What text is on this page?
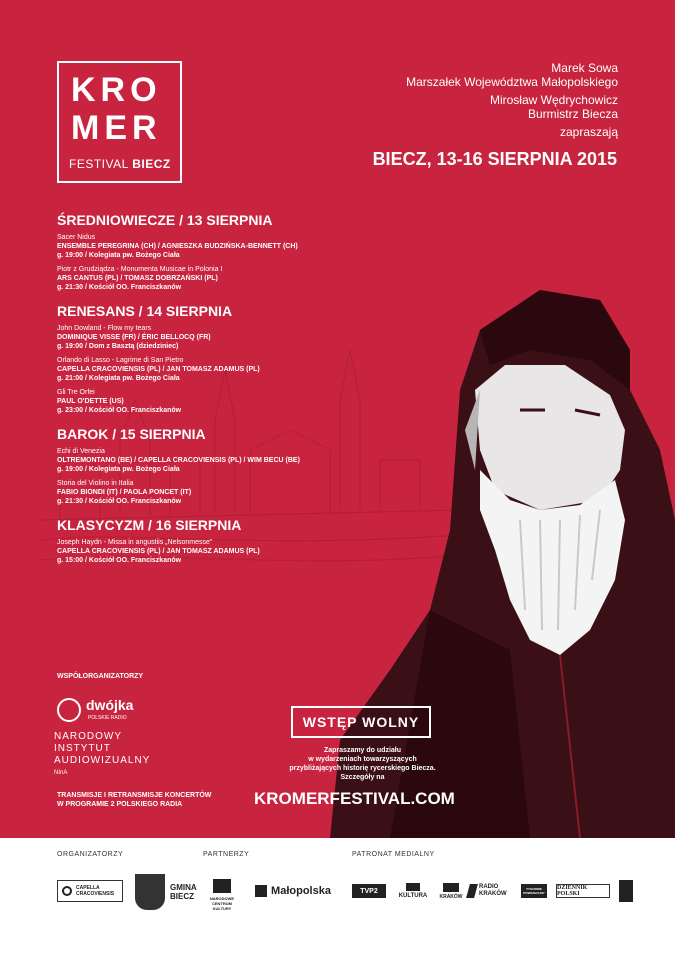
KRO
MER
FESTIVAL BIECZ
Marek Sowa
Marszałek Województwa Małopolskiego
Mirosław Wędrychowicz
Burmistrz Biecza
zapraszają
BIECZ, 13-16 SIERPNIA 2015
ŚREDNIOWIECZE / 13 SIERPNIA
Sacer Nidus
ENSEMBLE PEREGRINA (CH) / AGNIESZKA BUDZIŃSKA-BENNETT (CH)
g. 19:00 / Kolegiata pw. Bożego Ciała
Piotr z Grudziądza - Monumenta Musicae in Polonia I
ARS CANTUS (PL) / TOMASZ DOBRZAŃSKI (PL)
g. 21:30 / Kościół OO. Franciszkanów
RENESANS / 14 SIERPNIA
John Dowland - Flow my tears
DOMINIQUE VISSE (FR) / ÉRIC BELLOCQ (FR)
g. 19:00 / Dom z Basztą (dziedziniec)
Orlando di Lasso - Lagrime di San Pietro
CAPELLA CRACOVIENSIS (PL) / JAN TOMASZ ADAMUS (PL)
g. 21:00 / Kolegiata pw. Bożego Ciała
Gli Tre Orfei
PAUL O'DETTE (US)
g. 23:00 / Kościół OO. Franciszkanów
BAROK / 15 SIERPNIA
Echi di Venezia
OLTREMONTANO (BE) / CAPELLA CRACOVIENSIS (PL) / WIM BECU (BE)
g. 19:00 / Kolegiata pw. Bożego Ciała
Storia del Violino in Italia
FABIO BIONDI (IT) / PAOLA PONCET (IT)
g. 21:30 / Kościół OO. Franciszkanów
KLASYCYZM / 16 SIERPNIA
Joseph Haydn - Missa in angustiis „Nelsonmesse"
CAPELLA CRACOVIENSIS (PL) / JAN TOMASZ ADAMUS (PL)
g. 15:00 / Kościół OO. Franciszkanów
WSPÓŁORGANIZATORZY
dwójka
POLSKIE RADIO
NARODOWY
INSTYTUT
AUDIOWIZUALNY
NInA
TRANSMISJE I RETRANSMISJE KONCERTÓW
W PROGRAMIE 2 POLSKIEGO RADIA
WSTĘP WOLNY
Zapraszamy do udziału
w wydarzeniach towarzyszących
przybliżających historię rycerskiego Biecza.
Szczegóły na
KROMERFESTIVAL.COM
ORGANIZATORZY	PARTNERZY	PATRONAT MEDIALNY
CAPELLA
CRACOVIENSIS
GMINA
BIECZ	NARODOWE
CENTRUM
KULTURY
Małopolska	TVP2
KULTURA KRAKÓW
RADIO
KRAKÓW
TYGODNIK
POWSZECHNY
DZIENNIK POLSKI
